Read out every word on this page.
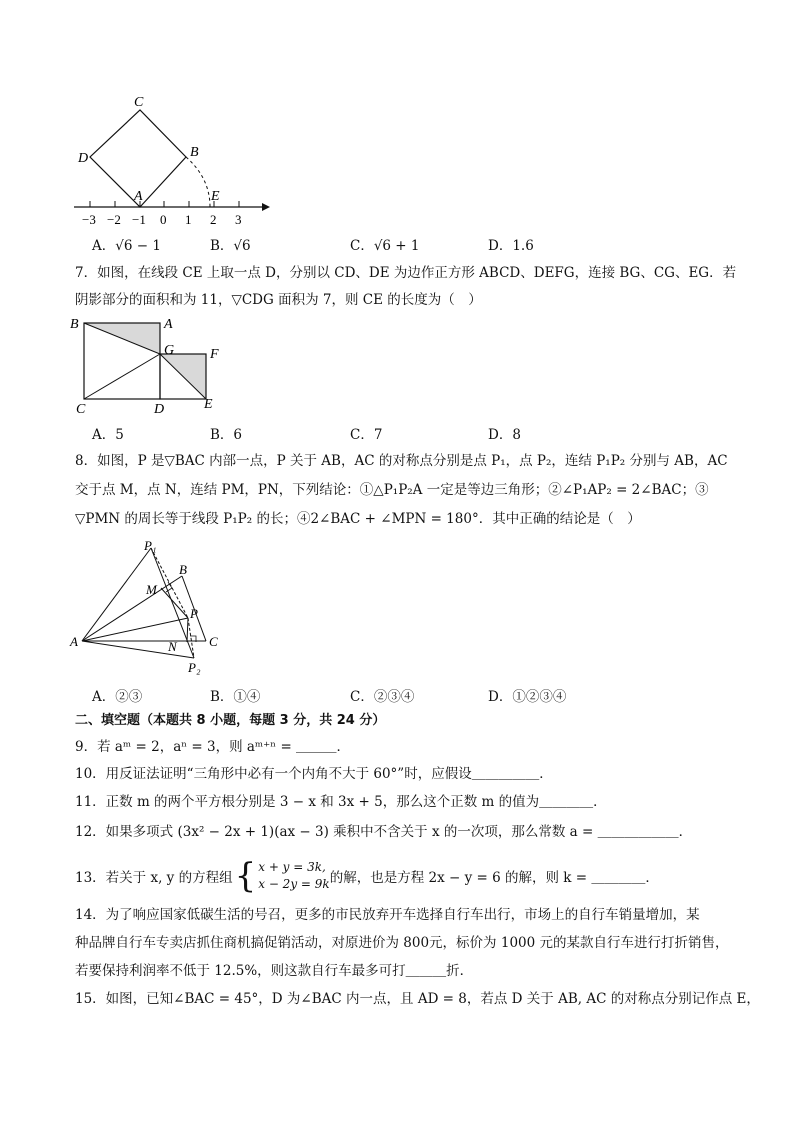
C
D	B
A	E
−3 −2 −1 0 1 2 3
A．√6 − 1	B．√6	C．√6 + 1	D．1.6
7．如图，在线段 CE 上取一点 D，分别以 CD、DE 为边作正方形 ABCD、DEFG，连接 BG、CG、EG．若
阴影部分的面积和为 11，▽CDG 面积为 7，则 CE 的长度为（　）
B	A
G	F
C	D	E
A．5	B．6	C．7	D．8
8．如图，P 是▽BAC 内部一点，P 关于 AB，AC 的对称点分别是点 P₁，点 P₂，连结 P₁P₂ 分别与 AB，AC
交于点 M，点 N，连结 PM，PN，下列结论：①△P₁P₂A 一定是等边三角形；②∠P₁AP₂ = 2∠BAC；③
▽PMN 的周长等于线段 P₁P₂ 的长；④2∠BAC + ∠MPN = 180°．其中正确的结论是（　）
P₁
B
M
P
A	N C
P₂
A．②③	B．①④	C．②③④	D．①②③④
二、填空题（本题共 8 小题，每题 3 分，共 24 分）
9．若 aᵐ = 2，aⁿ = 3，则 aᵐ⁺ⁿ = ＿＿＿．
10．用反证法证明“三角形中必有一个内角不大于 60°”时，应假设＿＿＿＿＿．
11．正数 m 的两个平方根分别是 3 − x 和 3x + 5，那么这个正数 m 的值为＿＿＿＿．
12．如果多项式 (3x² − 2x + 1)(ax − 3) 乘积中不含关于 x 的一次项，那么常数 a = ＿＿＿＿＿＿．
13．若关于 x, y 的方程组 { x + y = 3k,
x − 2y = 9k 的解，也是方程 2x − y = 6 的解，则 k = ＿＿＿＿．
14．为了响应国家低碳生活的号召，更多的市民放弃开车选择自行车出行，市场上的自行车销量增加，某
种品牌自行车专卖店抓住商机搞促销活动，对原进价为 800元，标价为 1000 元的某款自行车进行打折销售，
若要保持利润率不低于 12.5%，则这款自行车最多可打＿＿＿折．
15．如图，已知∠BAC = 45°，D 为∠BAC 内一点，且 AD = 8，若点 D 关于 AB, AC 的对称点分别记作点 E，
